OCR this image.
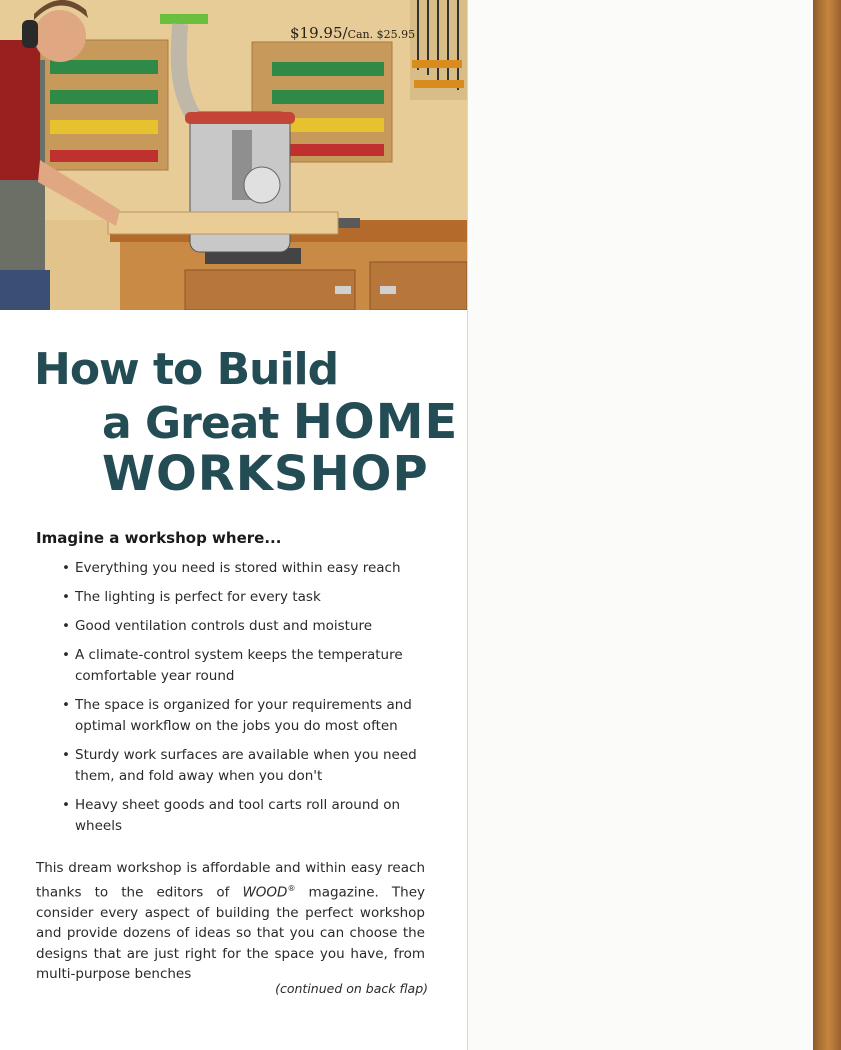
$19.95/Can. $25.95
How to Build
a Great HOME
WORKSHOP
Imagine a workshop where...
• Everything you need is stored within easy reach
• The lighting is perfect for every task
• Good ventilation controls dust and moisture
• A climate-control system keeps the temperature comfortable year round
• The space is organized for your requirements and optimal workflow on the jobs you do most often
• Sturdy work surfaces are available when you need them, and fold away when you don't
• Heavy sheet goods and tool carts roll around on wheels
This dream workshop is affordable and within easy reach thanks to the editors of WOOD® magazine. They consider every aspect of building the perfect workshop and provide dozens of ideas so that you can choose the designs that are just right for the space you have, from multi-purpose benches
(continued on back flap)
